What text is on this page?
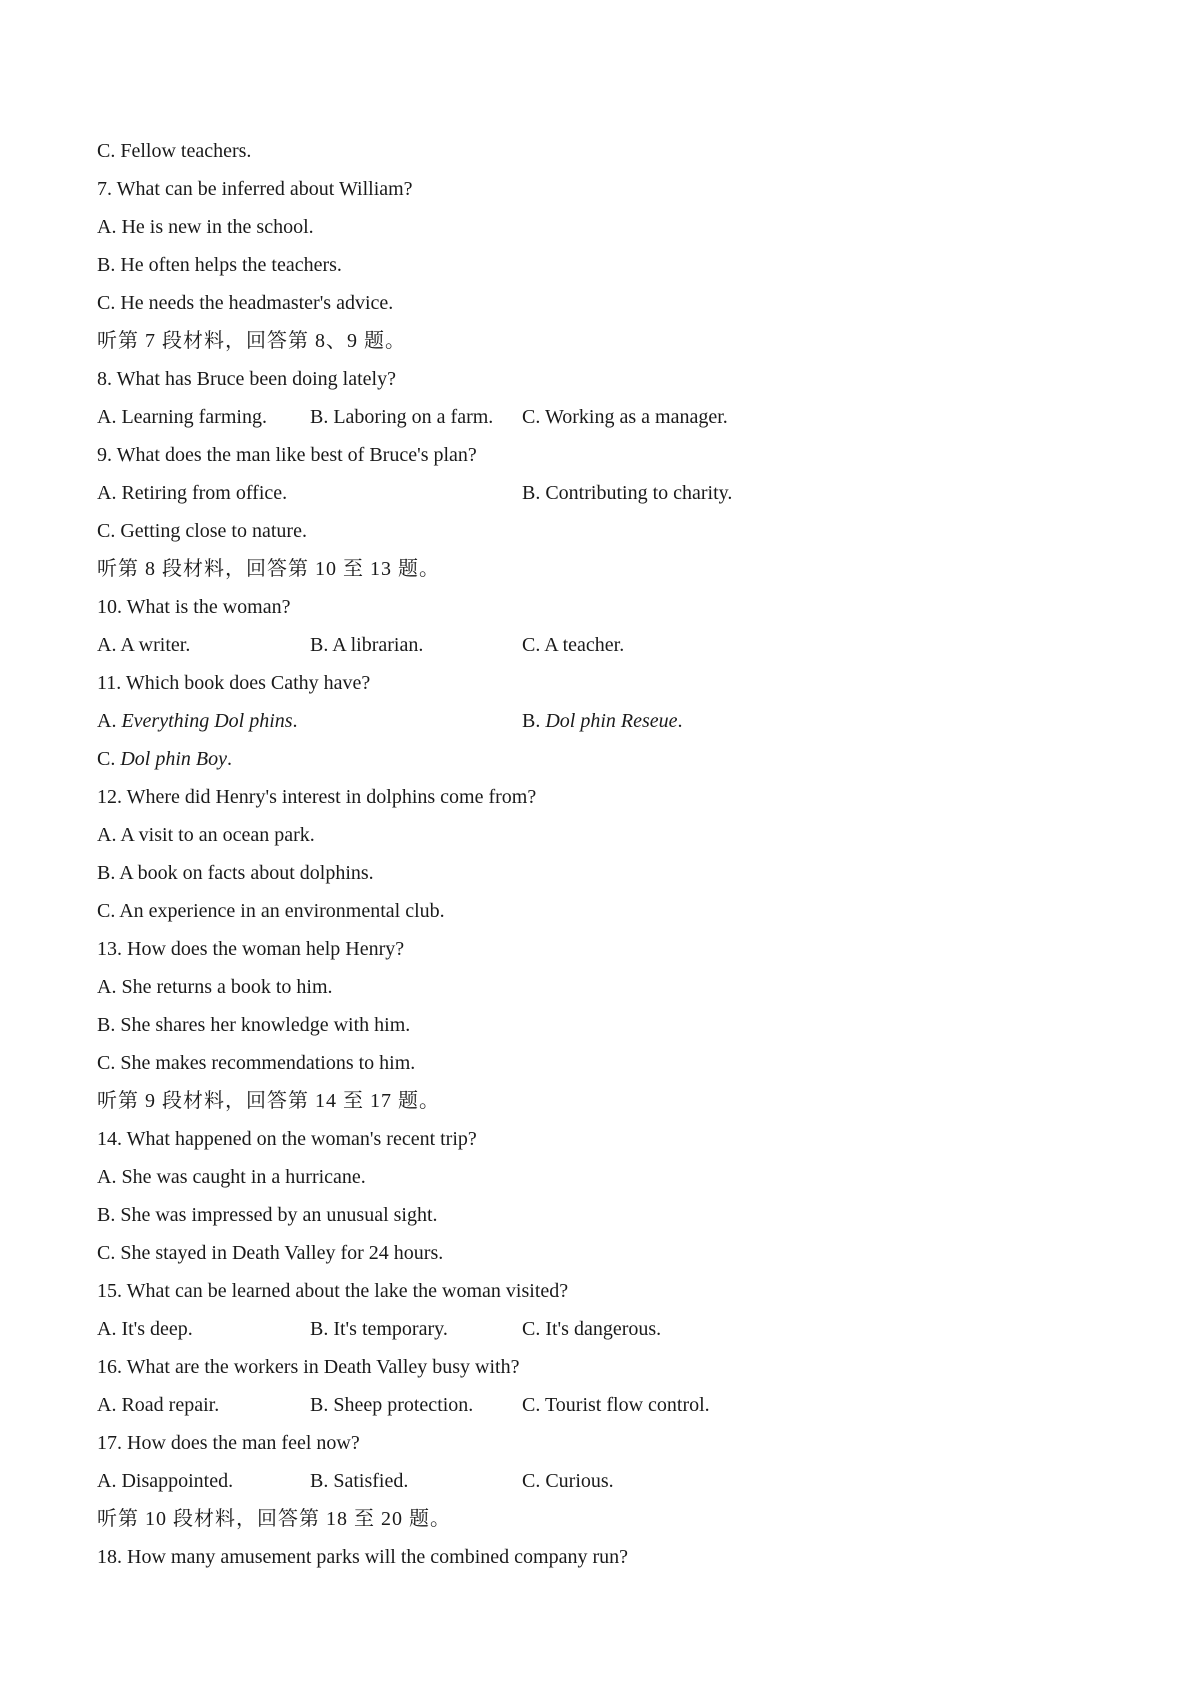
C. Fellow teachers.
7. What can be inferred about William?
A. He is new in the school.
B. He often helps the teachers.
C. He needs the headmaster's advice.
听第 7 段材料，回答第 8、9 题。
8. What has Bruce been doing lately?
A. Learning farming. B. Laboring on a farm. C. Working as a manager.
9. What does the man like best of Bruce's plan?
A. Retiring from office.	B. Contributing to charity.
C. Getting close to nature.
听第 8 段材料，回答第 10 至 13 题。
10. What is the woman?
A. A writer.	B. A librarian.	C. A teacher.
11. Which book does Cathy have?
A. Everything Dol phins.	B. Dol phin Reseue.
C. Dol phin Boy.
12. Where did Henry's interest in dolphins come from?
A. A visit to an ocean park.
B. A book on facts about dolphins.
C. An experience in an environmental club.
13. How does the woman help Henry?
A. She returns a book to him.
B. She shares her knowledge with him.
C. She makes recommendations to him.
听第 9 段材料，回答第 14 至 17 题。
14. What happened on the woman's recent trip?
A. She was caught in a hurricane.
B. She was impressed by an unusual sight.
C. She stayed in Death Valley for 24 hours.
15. What can be learned about the lake the woman visited?
A. It's deep.	B. It's temporary.	C. It's dangerous.
16. What are the workers in Death Valley busy with?
A. Road repair.	B. Sheep protection. C. Tourist flow control.
17. How does the man feel now?
A. Disappointed.	B. Satisfied.	C. Curious.
听第 10 段材料，回答第 18 至 20 题。
18. How many amusement parks will the combined company run?
